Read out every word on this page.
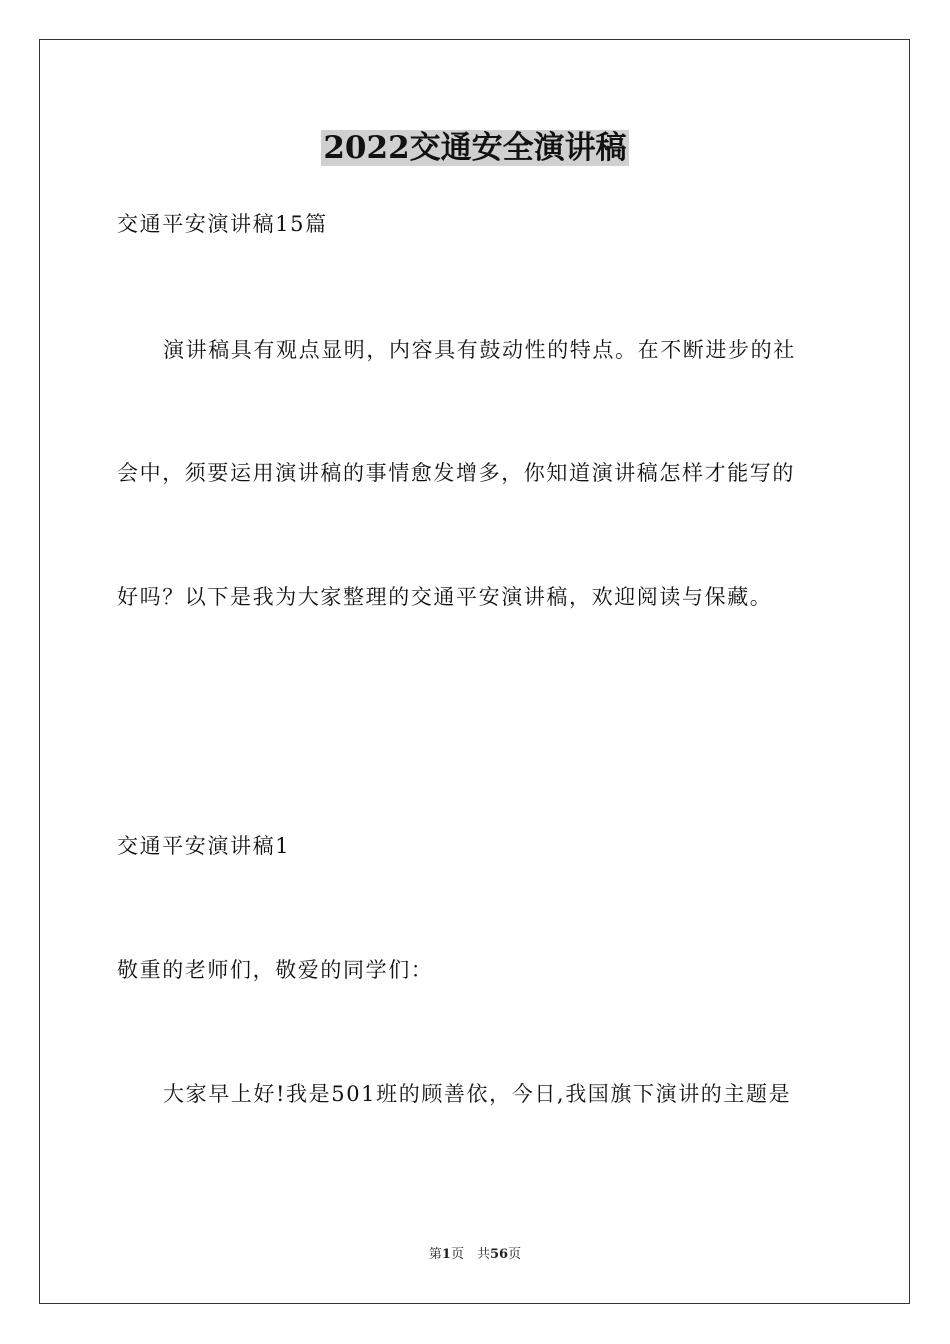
2022交通安全演讲稿
交通平安演讲稿15篇
演讲稿具有观点显明，内容具有鼓动性的特点。在不断进步的社
会中，须要运用演讲稿的事情愈发增多，你知道演讲稿怎样才能写的
好吗？以下是我为大家整理的交通平安演讲稿，欢迎阅读与保藏。
交通平安演讲稿1
敬重的老师们，敬爱的同学们：
大家早上好!我是501班的顾善依，今日,我国旗下演讲的主题是
第1页　 共56页
